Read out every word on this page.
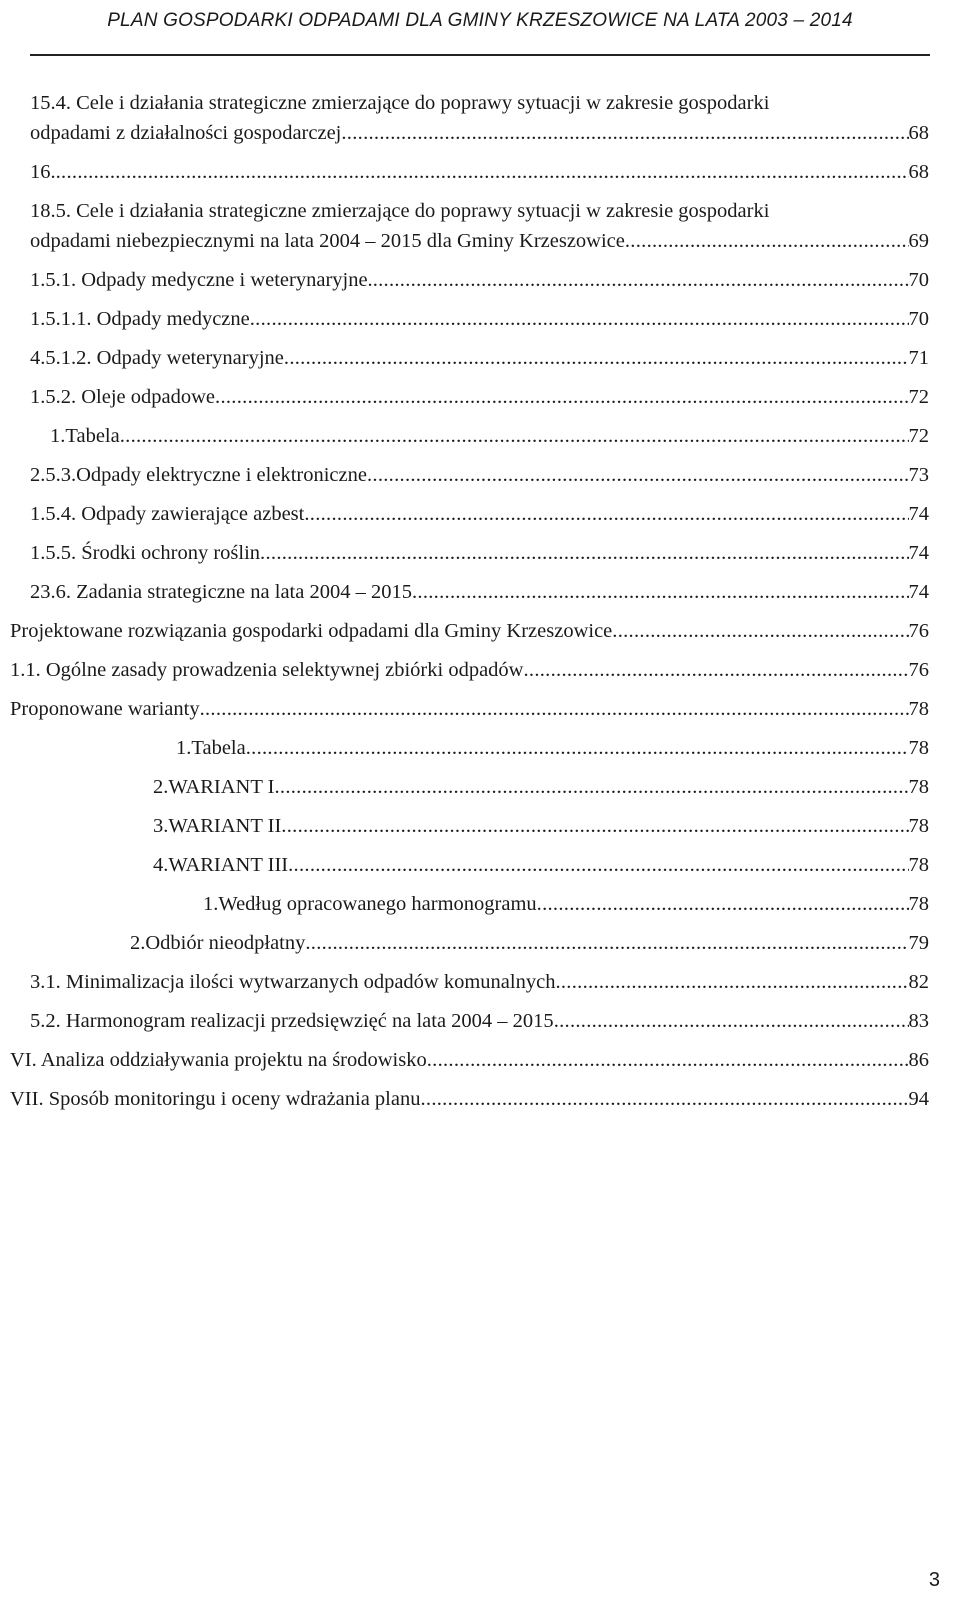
PLAN GOSPODARKI ODPADAMI DLA GMINY KRZESZOWICE NA LATA 2003 – 2014
15.4. Cele i działania strategiczne zmierzające do poprawy sytuacji w zakresie gospodarki
odpadami z działalności gospodarczej .....	68
16. .....	68
18.5. Cele i działania strategiczne zmierzające do poprawy sytuacji w zakresie gospodarki
odpadami niebezpiecznymi na lata 2004 – 2015 dla Gminy Krzeszowice .....	69
1.5.1. Odpady medyczne i weterynaryjne. .....	70
1.5.1.1. Odpady medyczne .....	70
4.5.1.2. Odpady weterynaryjne .....	71
1.5.2. Oleje odpadowe .....	72
1.Tabela .....	72
2.5.3.Odpady elektryczne i elektroniczne .....	73
1.5.4. Odpady zawierające azbest .....	74
1.5.5. Środki ochrony roślin .....	74
23.6. Zadania strategiczne na lata 2004 – 2015 .....	74
Projektowane rozwiązania gospodarki odpadami dla Gminy Krzeszowice .....	76
1.1. Ogólne zasady prowadzenia selektywnej zbiórki odpadów .....	76
Proponowane warianty .....	78
1.Tabela .....	78
2.WARIANT I .....	78
3.WARIANT II .....	78
4.WARIANT III .....	78
1.Według opracowanego harmonogramu .....	78
2.Odbiór nieodpłatny .....	79
3.1. Minimalizacja ilości wytwarzanych odpadów komunalnych .....	82
5.2. Harmonogram realizacji przedsięwzięć na lata 2004 – 2015 .....	83
VI. Analiza oddziaływania projektu na środowisko .....	86
VII. Sposób monitoringu i oceny wdrażania planu .....	94
3
